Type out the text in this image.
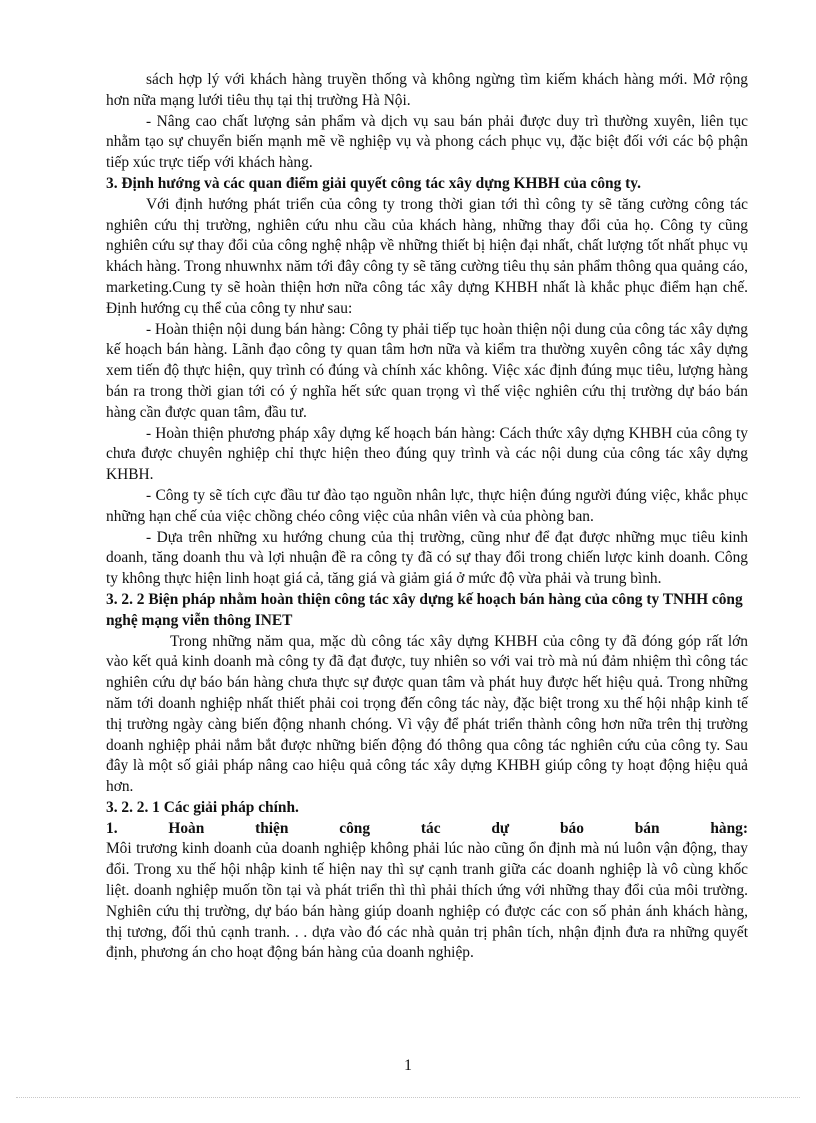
sách hợp lý với khách hàng truyền thống và không ngừng tìm kiếm khách hàng mới. Mở rộng hơn nữa mạng lưới tiêu thụ tại thị trường Hà Nội.

- Nâng cao chất lượng sản phẩm và dịch vụ sau bán phải được duy trì thường xuyên, liên tục nhằm tạo sự chuyển biến mạnh mẽ về nghiệp vụ và phong cách phục vụ, đặc biệt đối với các bộ phận tiếp xúc trực tiếp với khách hàng.

3. Định hướng và các quan điểm giải quyết công tác xây dựng KHBH của công ty.

Với định hướng phát triển của công ty trong thời gian tới thì công ty sẽ tăng cường công tác nghiên cứu thị trường, nghiên cứu nhu cầu của khách hàng, những thay đổi của họ. Công ty cũng nghiên cứu sự thay đổi của công nghệ nhập về những thiết bị hiện đại nhất, chất lượng tốt nhất phục vụ khách hàng. Trong nhuwnhx năm tới đây công ty sẽ tăng cường tiêu thụ sản phẩm thông qua quảng cáo, marketing.Cung ty sẽ hoàn thiện hơn nữa công tác xây dựng KHBH nhất là khắc phục điểm hạn chế. Định hướng cụ thể của công ty như sau:

- Hoàn thiện nội dung bán hàng: Công ty phải tiếp tục hoàn thiện nội dung của công tác xây dựng kế hoạch bán hàng. Lãnh đạo công ty quan tâm hơn nữa và kiểm tra thường xuyên công tác xây dựng xem tiến độ thực hiện, quy trình có đúng và chính xác không. Việc xác định đúng mục tiêu, lượng hàng bán ra trong thời gian tới có ý nghĩa hết sức quan trọng vì thế việc nghiên cứu thị trường dự báo bán hàng cần được quan tâm, đầu tư.

- Hoàn thiện phương pháp xây dựng kế hoạch bán hàng: Cách thức xây dựng KHBH của công ty chưa được chuyên nghiệp chỉ thực hiện theo đúng quy trình và các nội dung của công tác xây dựng KHBH.

- Công ty sẽ tích cực đầu tư đào tạo nguồn nhân lực, thực hiện đúng người đúng việc, khắc phục những hạn chế của việc chồng chéo công việc của nhân viên và của phòng ban.

- Dựa trên những xu hướng chung của thị trường, cũng như để đạt được những mục tiêu kinh doanh, tăng doanh thu và lợi nhuận đề ra công ty đã có sự thay đổi trong chiến lược kinh doanh. Công ty không thực hiện linh hoạt giá cả, tăng giá và giảm giá ở mức độ vừa phải và trung bình.

3. 2. 2 Biện pháp nhằm hoàn thiện công tác xây dựng kế hoạch bán hàng của công ty TNHH công nghệ mạng viễn thông INET

Trong những năm qua, mặc dù công tác xây dựng KHBH của công ty đã đóng góp rất lớn vào kết quả kinh doanh mà công ty đã đạt được, tuy nhiên so với vai trò mà nú đảm nhiệm thì công tác nghiên cứu dự báo bán hàng chưa thực sự được quan tâm và phát huy được hết hiệu quả. Trong những năm tới doanh nghiệp nhất thiết phải coi trọng đến công tác này, đặc biệt trong xu thế hội nhập kinh tế thị trường ngày càng biến động nhanh chóng. Vì vậy để phát triển thành công hơn nữa trên thị trường doanh nghiệp phải nắm bắt được những biến động đó thông qua công tác nghiên cứu của công ty. Sau đây là một số giải pháp nâng cao hiệu quả công tác xây dựng KHBH giúp công ty hoạt động hiệu quả hơn.

3. 2. 2. 1 Các giải pháp chính.

1.	Hoàn	thiện	công	tác	dự	báo	bán	hàng:

Môi trương kinh doanh của doanh nghiệp không phải lúc nào cũng ổn định mà nú luôn vận động, thay đổi. Trong xu thế hội nhập kinh tế hiện nay thì sự cạnh tranh giữa các doanh nghiệp là vô cùng khốc liệt. doanh nghiệp muốn tồn tại và phát triển thì thì phải thích ứng với những thay đổi của môi trường. Nghiên cứu thị trường, dự báo bán hàng giúp doanh nghiệp có được các con số phản ánh khách hàng, thị tương, đối thủ cạnh tranh. . . dựa vào đó các nhà quản trị phân tích, nhận định đưa ra những quyết định, phương án cho hoạt động bán hàng của doanh nghiệp.

1
